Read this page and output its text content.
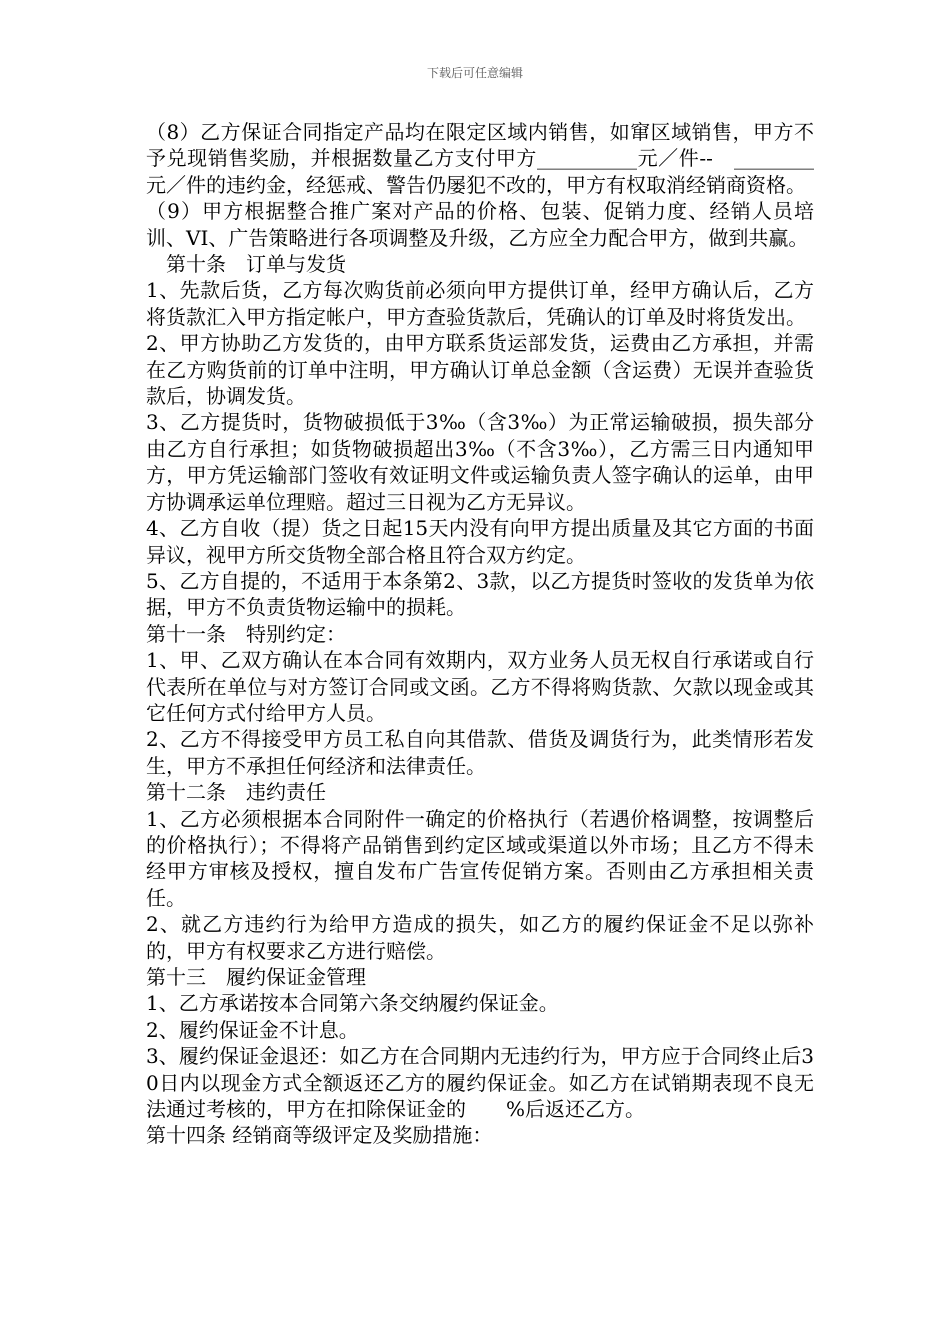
下载后可任意编辑

（8）乙方保证合同指定产品均在限定区域内销售，如窜区域销售，甲方不予兑现销售奖励，并根据数量乙方支付甲方__________元／件--　________元／件的违约金，经惩戒、警告仍屡犯不改的，甲方有权取消经销商资格。

（9）甲方根据整合推广案对产品的价格、包装、促销力度、经销人员培训、VI、广告策略进行各项调整及升级，乙方应全力配合甲方，做到共赢。

第十条　订单与发货

1、先款后货，乙方每次购货前必须向甲方提供订单，经甲方确认后，乙方将货款汇入甲方指定帐户，甲方查验货款后，凭确认的订单及时将货发出。

2、甲方协助乙方发货的，由甲方联系货运部发货，运费由乙方承担，并需在乙方购货前的订单中注明，甲方确认订单总金额（含运费）无误并查验货款后，协调发货。

3、乙方提货时，货物破损低于3‰（含3‰）为正常运输破损，损失部分由乙方自行承担；如货物破损超出3‰（不含3‰），乙方需三日内通知甲方，甲方凭运输部门签收有效证明文件或运输负责人签字确认的运单，由甲方协调承运单位理赔。超过三日视为乙方无异议。

4、乙方自收（提）货之日起15天内没有向甲方提出质量及其它方面的书面异议，视甲方所交货物全部合格且符合双方约定。

5、乙方自提的，不适用于本条第2、3款，以乙方提货时签收的发货单为依据，甲方不负责货物运输中的损耗。

第十一条　特别约定：

1、甲、乙双方确认在本合同有效期内，双方业务人员无权自行承诺或自行代表所在单位与对方签订合同或文函。乙方不得将购货款、欠款以现金或其它任何方式付给甲方人员。

2、乙方不得接受甲方员工私自向其借款、借货及调货行为，此类情形若发生，甲方不承担任何经济和法律责任。

第十二条　违约责任

1、乙方必须根据本合同附件一确定的价格执行（若遇价格调整，按调整后的价格执行）；不得将产品销售到约定区域或渠道以外市场；且乙方不得未经甲方审核及授权，擅自发布广告宣传促销方案。否则由乙方承担相关责任。

2、就乙方违约行为给甲方造成的损失，如乙方的履约保证金不足以弥补的，甲方有权要求乙方进行赔偿。

第十三　履约保证金管理

1、乙方承诺按本合同第六条交纳履约保证金。

2、履约保证金不计息。

3、履约保证金退还：如乙方在合同期内无违约行为，甲方应于合同终止后30日内以现金方式全额返还乙方的履约保证金。如乙方在试销期表现不良无法通过考核的，甲方在扣除保证金的　　%后返还乙方。

第十四条 经销商等级评定及奖励措施：
